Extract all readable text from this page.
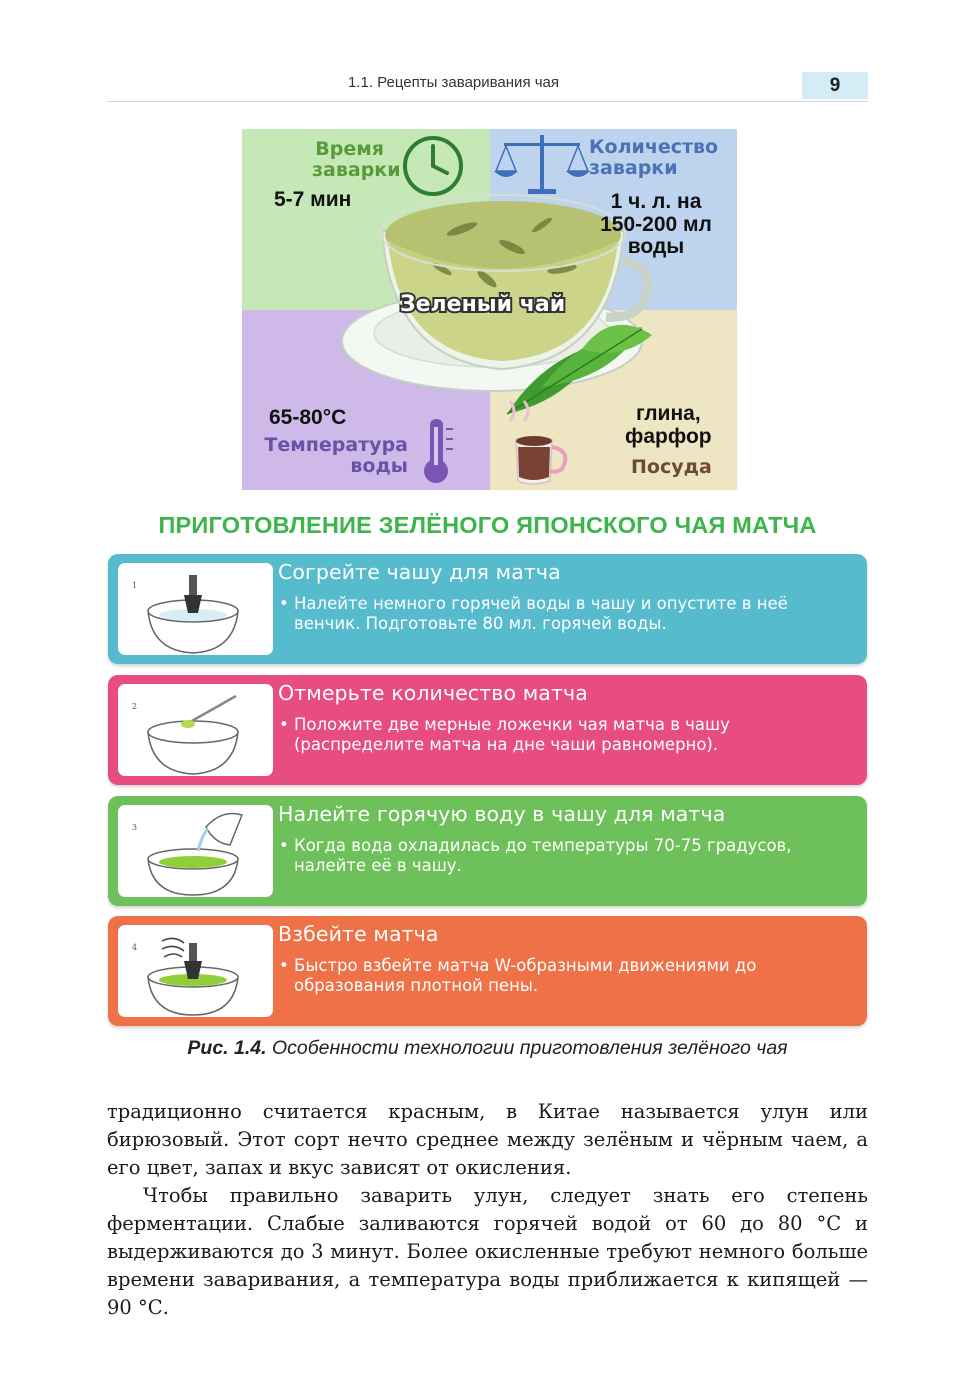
1.1. Рецепты заваривания чая	9
Время
заварки
5-7 мин
Количество
заварки
1 ч. л. на
150-200 мл
воды
Зеленый чай
65-80°С
Температура
воды
глина,
фарфор
Посуда
ПРИГОТОВЛЕНИЕ ЗЕЛЁНОГО ЯПОНСКОГО ЧАЯ МАТЧА
1
Согрейте чашу для матча
• Налейте немного горячей воды в чашу и опустите в неё венчик. Подготовьте 80 мл. горячей воды.
2
Отмерьте количество матча
• Положите две мерные ложечки чая матча в чашу (распределите матча на дне чаши равномерно).
3
Налейте горячую воду в чашу для матча
• Когда вода охладилась до температуры 70-75 градусов, налейте её в чашу.
4
Взбейте матча
• Быстро взбейте матча W-образными движениями до образования плотной пены.
Рис. 1.4. Особенности технологии приготовления зелёного чая
традиционно считается красным, в Китае называется улун или бирюзовый. Этот сорт нечто среднее между зелёным и чёрным чаем, а его цвет, запах и вкус зависят от окисления.
Чтобы правильно заварить улун, следует знать его степень ферментации. Слабые заливаются горячей водой от 60 до 80 °С и выдерживаются до 3 минут. Более окисленные требуют немного больше времени заваривания, а температура воды приближается к кипящей — 90 °С.
